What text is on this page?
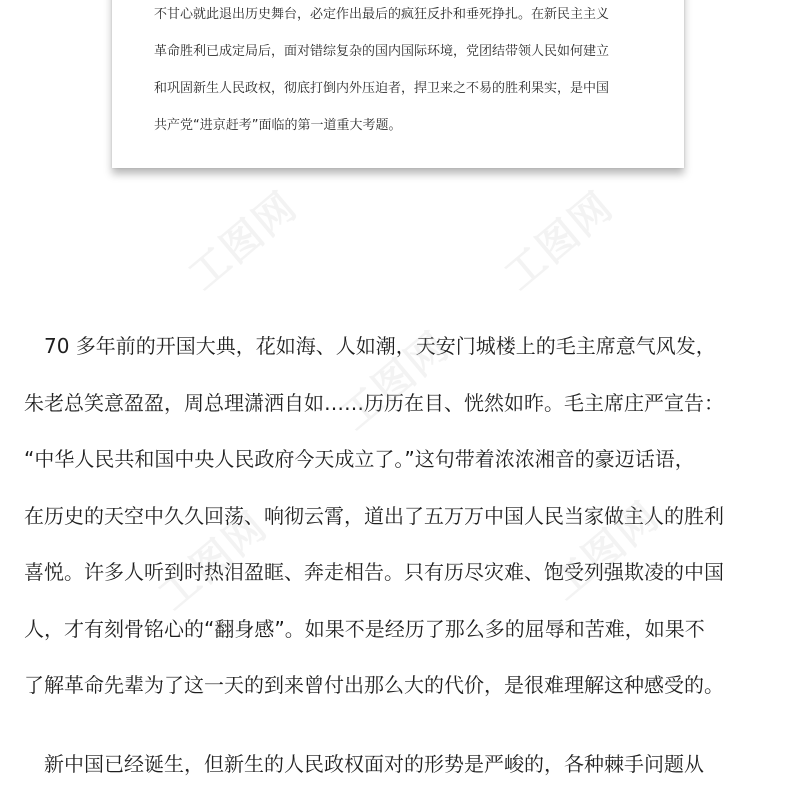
不甘心就此退出历史舞台，必定作出最后的疯狂反扑和垂死挣扎。在新民主主义
革命胜利已成定局后，面对错综复杂的国内国际环境，党团结带领人民如何建立
和巩固新生人民政权，彻底打倒内外压迫者，捍卫来之不易的胜利果实，是中国
共产党“进京赶考”面临的第一道重大考题。

　70 多年前的开国大典，花如海、人如潮，天安门城楼上的毛主席意气风发，
朱老总笑意盈盈，周总理潇洒自如……历历在目、恍然如昨。毛主席庄严宣告：
“中华人民共和国中央人民政府今天成立了。”这句带着浓浓湘音的豪迈话语，
在历史的天空中久久回荡、响彻云霄，道出了五万万中国人民当家做主人的胜利
喜悦。许多人听到时热泪盈眶、奔走相告。只有历尽灾难、饱受列强欺凌的中国
人，才有刻骨铭心的“翻身感”。如果不是经历了那么多的屈辱和苦难，如果不
了解革命先辈为了这一天的到来曾付出那么大的代价，是很难理解这种感受的。

　新中国已经诞生，但新生的人民政权面对的形势是严峻的，各种棘手问题从

工图网	工图网
工图网
工图网	工图网
